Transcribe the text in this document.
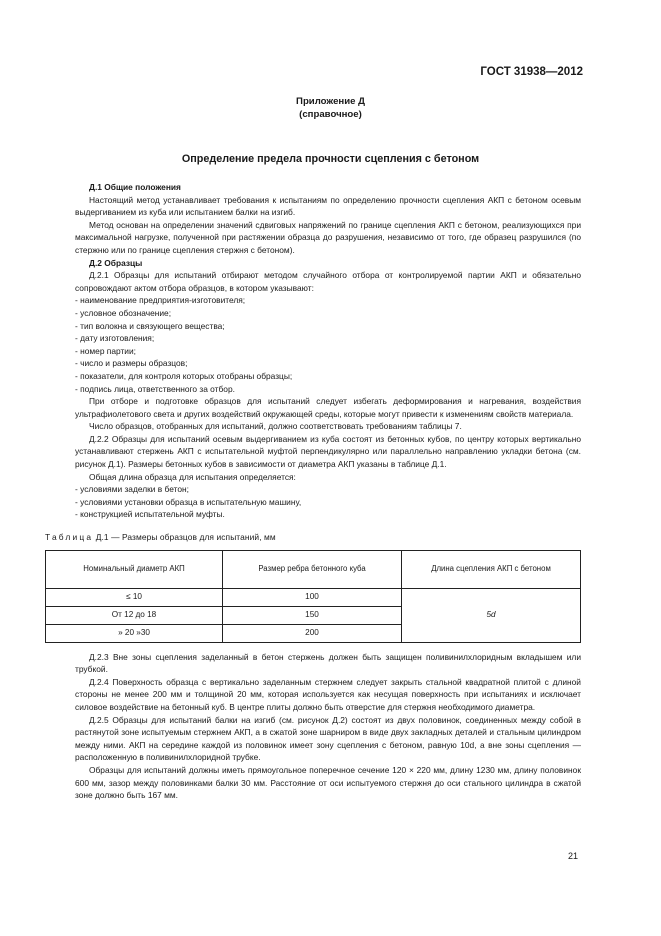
ГОСТ 31938—2012
Приложение Д
(справочное)
Определение предела прочности сцепления с бетоном

Д.1 Общие положения

Настоящий метод устанавливает требования к испытаниям по определению прочности сцепления АКП с бетоном осевым выдергиванием из куба или испытанием балки на изгиб.

Метод основан на определении значений сдвиговых напряжений по границе сцепления АКП с бетоном, реализующихся при максимальной нагрузке, полученной при растяжении образца до разрушения, независимо от того, где образец разрушился (по стержню или по границе сцепления стержня с бетоном).

Д.2 Образцы

Д.2.1 Образцы для испытаний отбирают методом случайного отбора от контролируемой партии АКП и обязательно сопровождают актом отбора образцов, в котором указывают:

- наименование предприятия-изготовителя;

- условное обозначение;

- тип волокна и связующего вещества;

- дату изготовления;

- номер партии;

- число и размеры образцов;

- показатели, для контроля которых отобраны образцы;

- подпись лица, ответственного за отбор.

При отборе и подготовке образцов для испытаний следует избегать деформирования и нагревания, воздействия ультрафиолетового света и других воздействий окружающей среды, которые могут привести к изменениям свойств материала.

Число образцов, отобранных для испытаний, должно соответствовать требованиям таблицы 7.

Д.2.2 Образцы для испытаний осевым выдергиванием из куба состоят из бетонных кубов, по центру которых вертикально устанавливают стержень АКП с испытательной муфтой перпендикулярно или параллельно направлению укладки бетона (см. рисунок Д.1). Размеры бетонных кубов в зависимости от диаметра АКП указаны в таблице Д.1.

Общая длина образца для испытания определяется:

- условиями заделки в бетон;

- условиями установки образца в испытательную машину,

- конструкцией испытательной муфты.

Таблица Д.1 — Размеры образцов для испытаний, мм

Номинальный диаметр АКП	Размер ребра бетонного куба	Длина сцепления АКП с бетоном
≤ 10	100	5d
От 12 до 18	150	
» 20 »30	200	

Д.2.3 Вне зоны сцепления заделанный в бетон стержень должен быть защищен поливинилхлоридным вкладышем или трубкой.

Д.2.4 Поверхность образца с вертикально заделанным стержнем следует закрыть стальной квадратной плитой с длиной стороны не менее 200 мм и толщиной 20 мм, которая используется как несущая поверхность при испытаниях и исключает силовое воздействие на бетонный куб. В центре плиты должно быть отверстие для стержня необходимого диаметра.

Д.2.5 Образцы для испытаний балки на изгиб (см. рисунок Д.2) состоят из двух половинок, соединенных между собой в растянутой зоне испытуемым стержнем АКП, а в сжатой зоне шарниром в виде двух закладных деталей и стальным цилиндром между ними. АКП на середине каждой из половинок имеет зону сцепления с бетоном, равную 10d, а вне зоны сцепления — расположенную в поливинилхлоридной трубке.

Образцы для испытаний должны иметь прямоугольное поперечное сечение 120 × 220 мм, длину 1230 мм, длину половинок 600 мм, зазор между половинками балки 30 мм. Расстояние от оси испытуемого стержня до оси стального цилиндра в сжатой зоне должно быть 167 мм.

21
